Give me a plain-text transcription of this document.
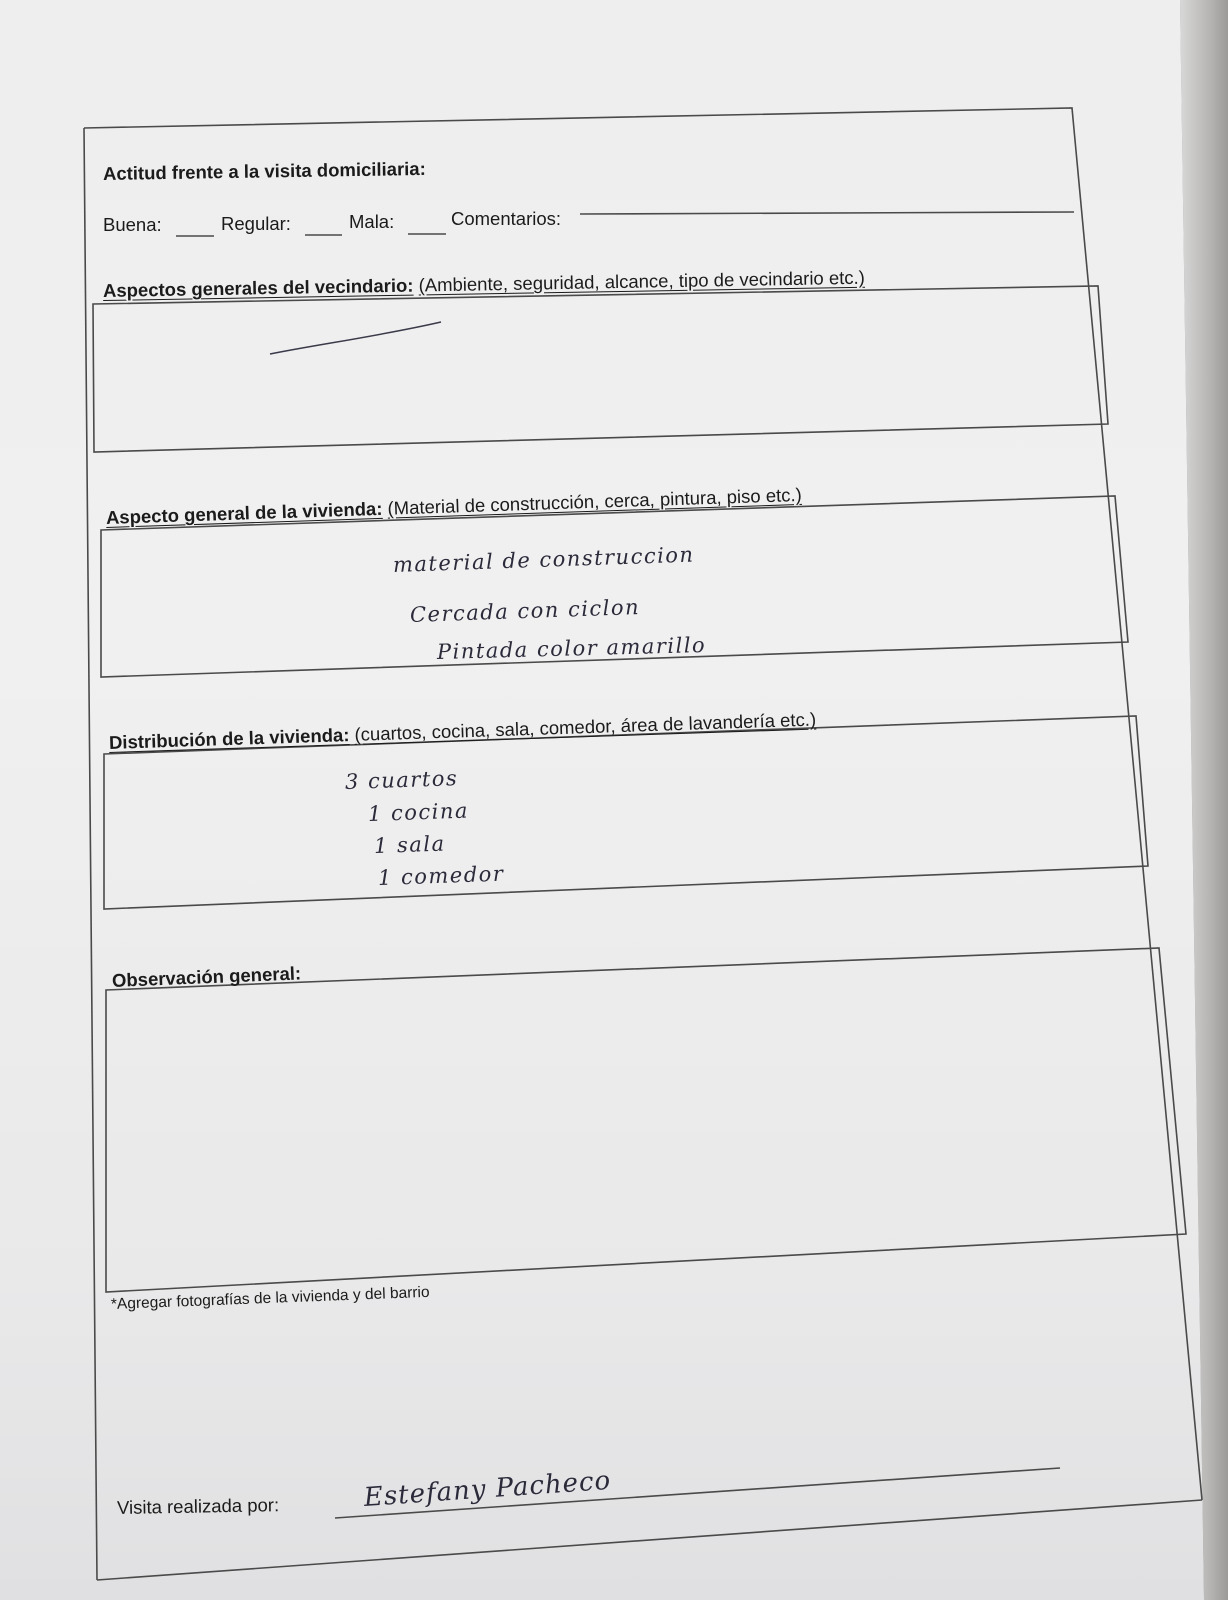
Actitud frente a la visita domiciliaria:
Buena:	Regular:	Mala:	Comentarios:
Aspectos generales del vecindario: (Ambiente, seguridad, alcance, tipo de vecindario etc.)
Aspecto general de la vivienda: (Material de construcción, cerca, pintura, piso etc.)
material de construccion
Cercada con ciclon
Pintada color amarillo
Distribución de la vivienda: (cuartos, cocina, sala, comedor, área de lavandería etc.)
3 cuartos
1 cocina
1 sala
1 comedor
Observación general:
*Agregar fotografías de la vivienda y del barrio
Visita realizada por:	Estefany Pacheco
